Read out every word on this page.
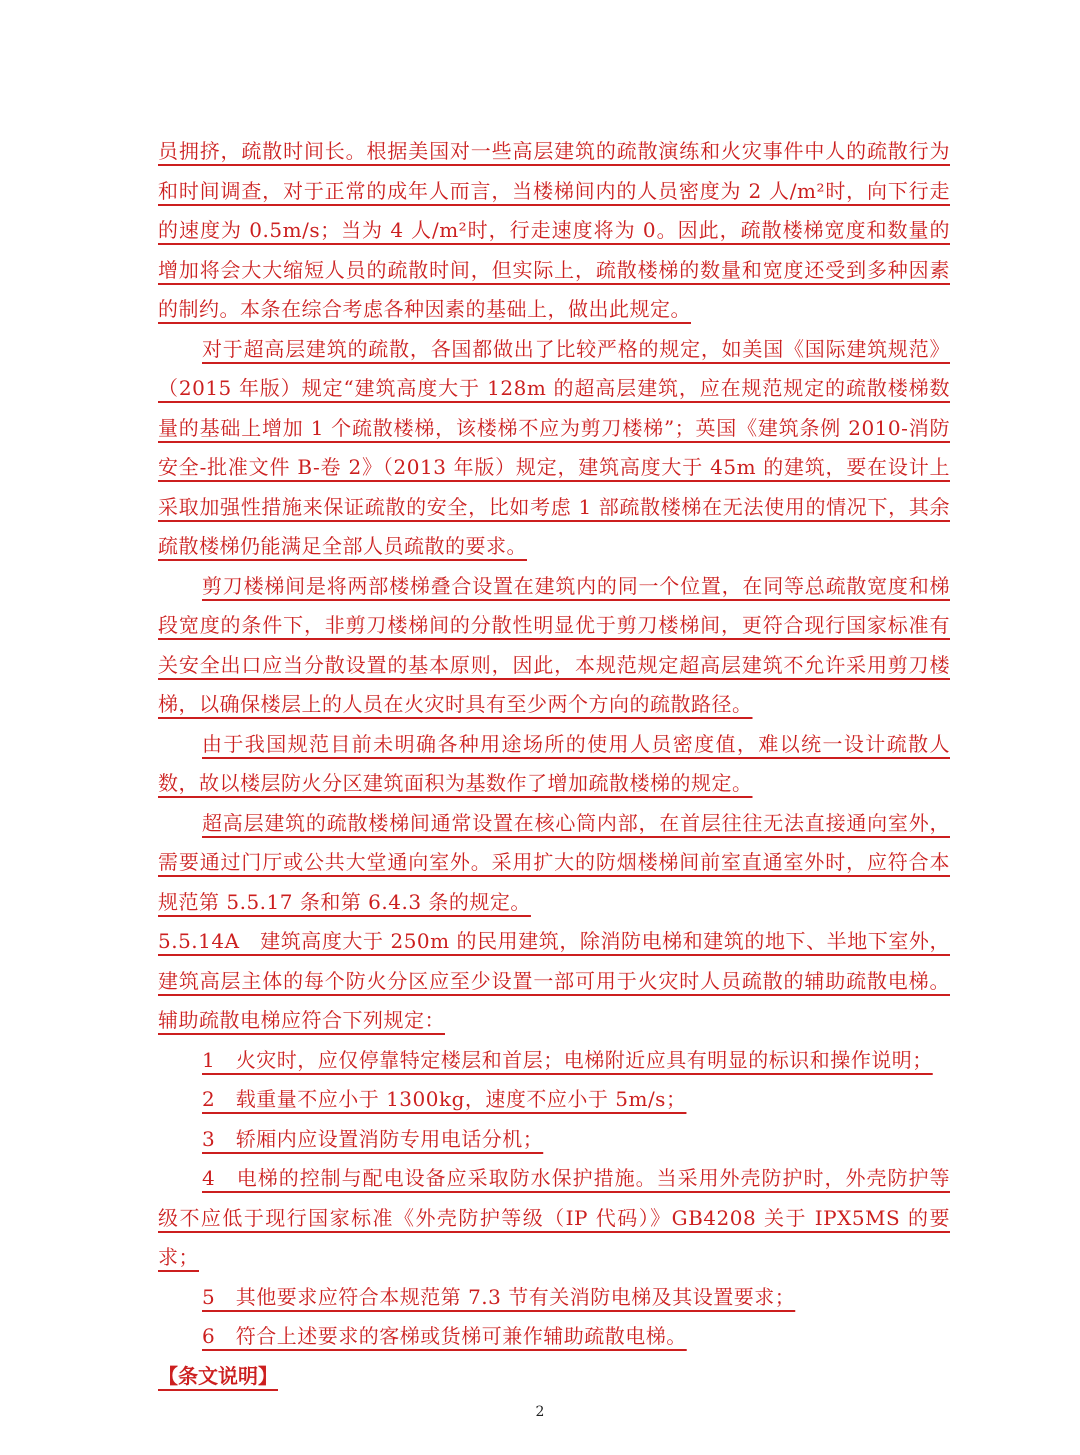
员拥挤，疏散时间长。根据美国对一些高层建筑的疏散演练和火灾事件中人的疏散行为和时间调查，对于正常的成年人而言，当楼梯间内的人员密度为 2 人/m²时，向下行走的速度为 0.5m/s；当为 4 人/m²时，行走速度将为 0。因此，疏散楼梯宽度和数量的增加将会大大缩短人员的疏散时间，但实际上，疏散楼梯的数量和宽度还受到多种因素的制约。本条在综合考虑各种因素的基础上，做出此规定。

对于超高层建筑的疏散，各国都做出了比较严格的规定，如美国《国际建筑规范》（2015 年版）规定“建筑高度大于 128m 的超高层建筑，应在规范规定的疏散楼梯数量的基础上增加 1 个疏散楼梯，该楼梯不应为剪刀楼梯”；英国《建筑条例 2010-消防安全-批准文件 B-卷 2》（2013 年版）规定，建筑高度大于 45m 的建筑，要在设计上采取加强性措施来保证疏散的安全，比如考虑 1 部疏散楼梯在无法使用的情况下，其余疏散楼梯仍能满足全部人员疏散的要求。

剪刀楼梯间是将两部楼梯叠合设置在建筑内的同一个位置，在同等总疏散宽度和梯段宽度的条件下，非剪刀楼梯间的分散性明显优于剪刀楼梯间，更符合现行国家标准有关安全出口应当分散设置的基本原则，因此，本规范规定超高层建筑不允许采用剪刀楼梯，以确保楼层上的人员在火灾时具有至少两个方向的疏散路径。

由于我国规范目前未明确各种用途场所的使用人员密度值，难以统一设计疏散人数，故以楼层防火分区建筑面积为基数作了增加疏散楼梯的规定。

超高层建筑的疏散楼梯间通常设置在核心筒内部，在首层往往无法直接通向室外，需要通过门厅或公共大堂通向室外。采用扩大的防烟楼梯间前室直通室外时，应符合本规范第 5.5.17 条和第 6.4.3 条的规定。

5.5.14A　建筑高度大于 250m 的民用建筑，除消防电梯和建筑的地下、半地下室外，建筑高层主体的每个防火分区应至少设置一部可用于火灾时人员疏散的辅助疏散电梯。辅助疏散电梯应符合下列规定：

1　火灾时，应仅停靠特定楼层和首层；电梯附近应具有明显的标识和操作说明；

2　载重量不应小于 1300kg，速度不应小于 5m/s；

3　轿厢内应设置消防专用电话分机；

4　电梯的控制与配电设备应采取防水保护措施。当采用外壳防护时，外壳防护等级不应低于现行国家标准《外壳防护等级（IP 代码）》GB4208 关于 IPX5MS 的要求；

5　其他要求应符合本规范第 7.3 节有关消防电梯及其设置要求；

6　符合上述要求的客梯或货梯可兼作辅助疏散电梯。

【条文说明】

2
